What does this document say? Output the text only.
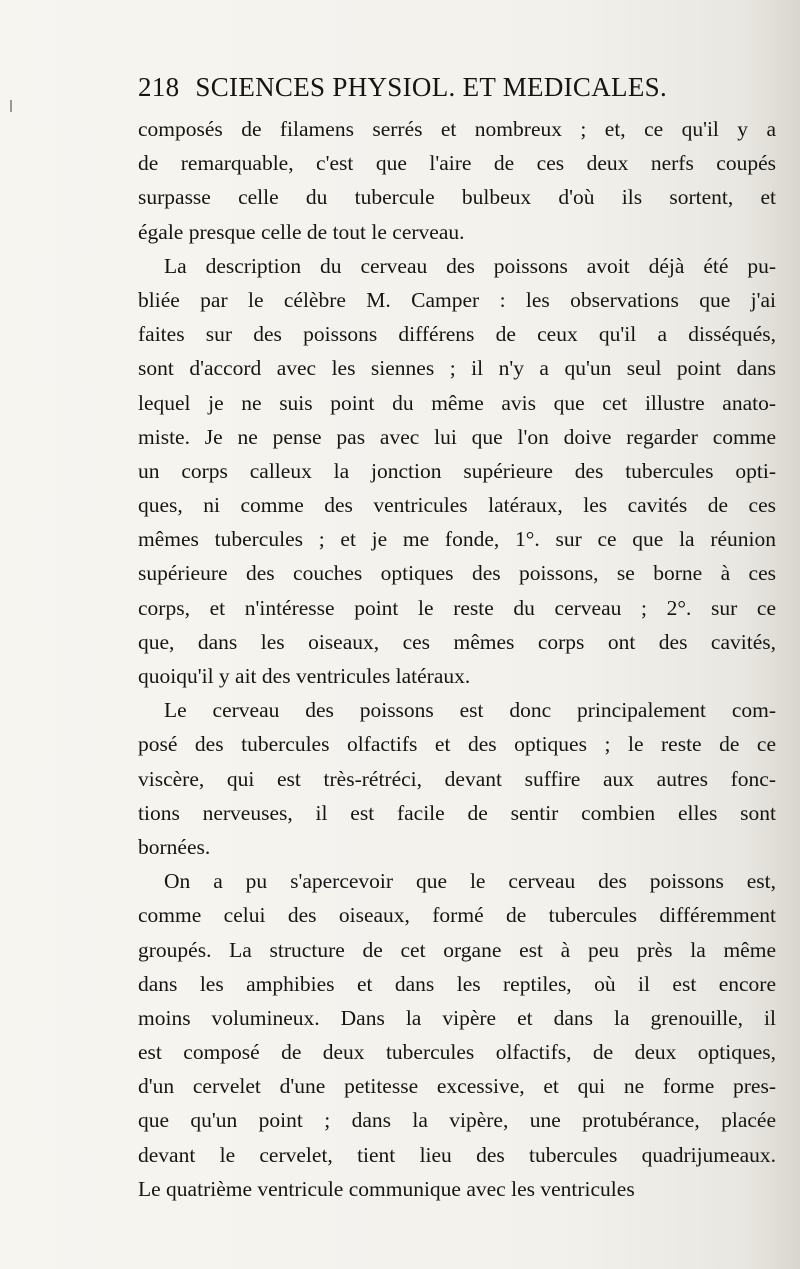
218 SCIENCES PHYSIOL. ET MEDICALES.
composés de filamens serrés et nombreux ; et, ce qu'il y a
de remarquable, c'est que l'aire de ces deux nerfs coupés
surpasse celle du tubercule bulbeux d'où ils sortent, et
égale presque celle de tout le cerveau.
La description du cerveau des poissons avoit déjà été pu-
bliée par le célèbre M. Camper : les observations que j'ai
faites sur des poissons différens de ceux qu'il a disséqués,
sont d'accord avec les siennes ; il n'y a qu'un seul point dans
lequel je ne suis point du même avis que cet illustre anato-
miste. Je ne pense pas avec lui que l'on doive regarder comme
un corps calleux la jonction supérieure des tubercules opti-
ques, ni comme des ventricules latéraux, les cavités de ces
mêmes tubercules ; et je me fonde, 1°. sur ce que la réunion
supérieure des couches optiques des poissons, se borne à ces
corps, et n'intéresse point le reste du cerveau ; 2°. sur ce
que, dans les oiseaux, ces mêmes corps ont des cavités,
quoiqu'il y ait des ventricules latéraux.
Le cerveau des poissons est donc principalement com-
posé des tubercules olfactifs et des optiques ; le reste de ce
viscère, qui est très-rétréci, devant suffire aux autres fonc-
tions nerveuses, il est facile de sentir combien elles sont
bornées.
On a pu s'apercevoir que le cerveau des poissons est,
comme celui des oiseaux, formé de tubercules différemment
groupés. La structure de cet organe est à peu près la même
dans les amphibies et dans les reptiles, où il est encore
moins volumineux. Dans la vipère et dans la grenouille, il
est composé de deux tubercules olfactifs, de deux optiques,
d'un cervelet d'une petitesse excessive, et qui ne forme pres-
que qu'un point ; dans la vipère, une protubérance, placée
devant le cervelet, tient lieu des tubercules quadrijumeaux.
Le quatrième ventricule communique avec les ventricules
